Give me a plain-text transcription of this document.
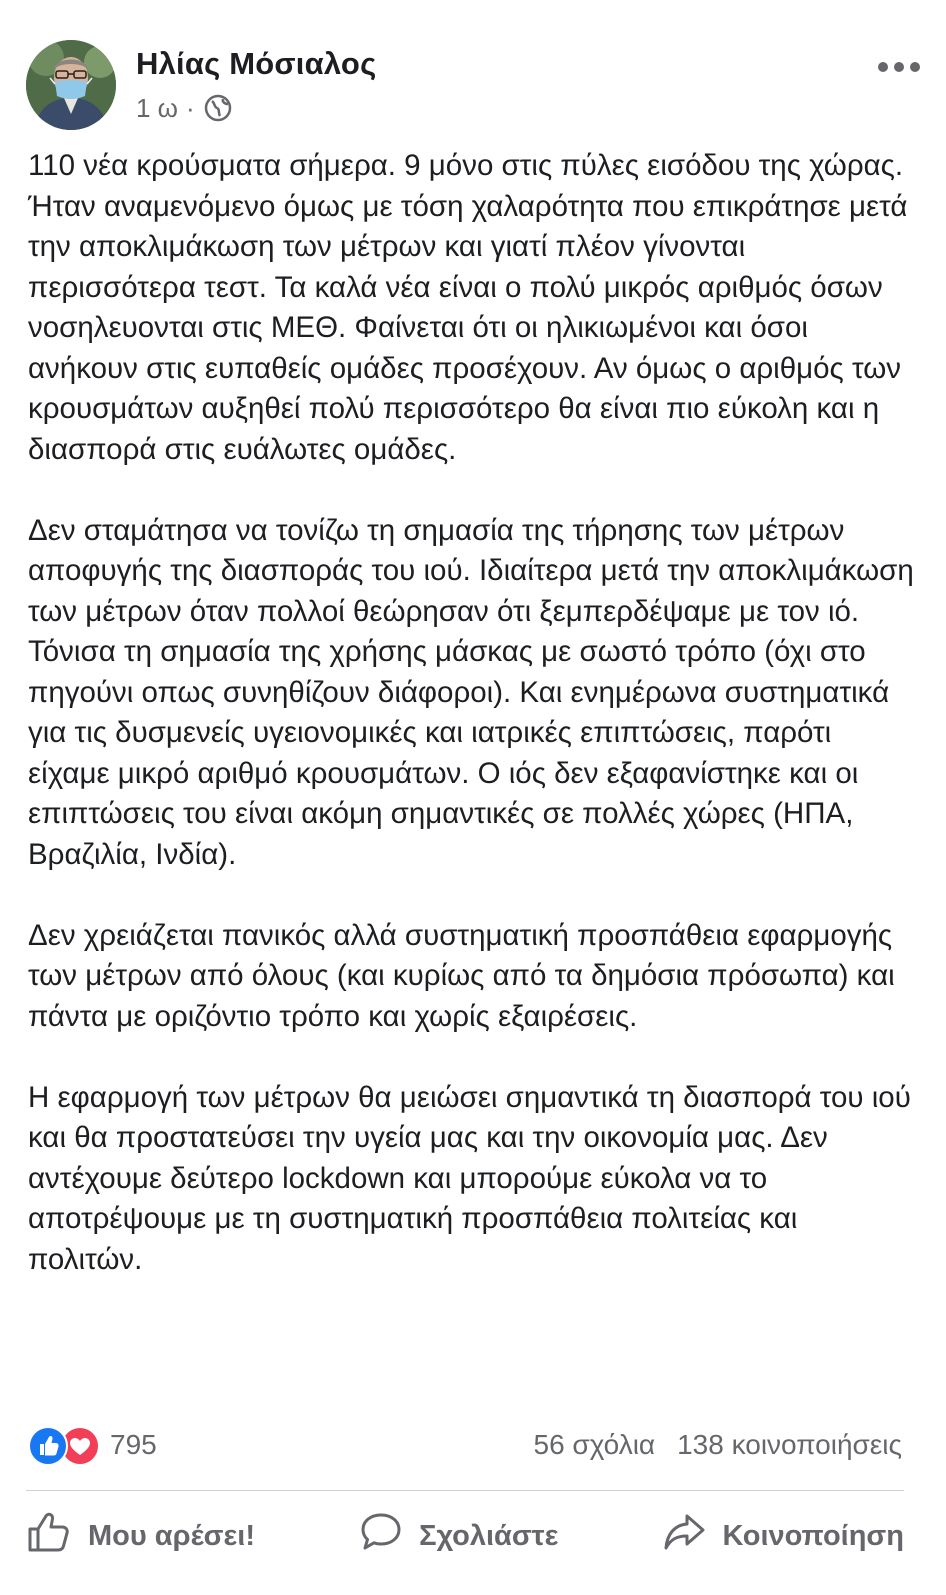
Ηλίας Μόσιαλος
1 ω ·

110 νέα κρούσματα σήμερα. 9 μόνο στις πύλες εισόδου της χώρας. Ήταν αναμενόμενο όμως με τόση χαλαρότητα που επικράτησε μετά την αποκλιμάκωση των μέτρων και γιατί πλέον γίνονται περισσότερα τεστ. Τα καλά νέα είναι ο πολύ μικρός αριθμός όσων νοσηλευονται στις ΜΕΘ. Φαίνεται ότι οι ηλικιωμένοι και όσοι ανήκουν στις ευπαθείς ομάδες προσέχουν. Αν όμως ο αριθμός των κρουσμάτων αυξηθεί πολύ περισσότερο θα είναι πιο εύκολη και η διασπορά στις ευάλωτες ομάδες.

Δεν σταμάτησα να τονίζω τη σημασία της τήρησης των μέτρων αποφυγής της διασποράς του ιού. Ιδιαίτερα μετά την αποκλιμάκωση των μέτρων όταν πολλοί θεώρησαν ότι ξεμπερδέψαμε με τον ιό. Τόνισα τη σημασία της χρήσης μάσκας με σωστό τρόπο (όχι στο πηγούνι οπως συνηθίζουν διάφοροι). Και ενημέρωνα συστηματικά για τις δυσμενείς υγειονομικές και ιατρικές επιπτώσεις, παρότι είχαμε μικρό αριθμό κρουσμάτων. Ο ιός δεν εξαφανίστηκε και οι επιπτώσεις του είναι ακόμη σημαντικές σε πολλές χώρες (ΗΠΑ, Βραζιλία, Ινδία).

Δεν χρειάζεται πανικός αλλά συστηματική προσπάθεια εφαρμογής των μέτρων από όλους (και κυρίως από τα δημόσια πρόσωπα) και πάντα με οριζόντιο τρόπο και χωρίς εξαιρέσεις.

Η εφαρμογή των μέτρων θα μειώσει σημαντικά τη διασπορά του ιού και θα προστατεύσει την υγεία μας και την οικονομία μας. Δεν αντέχουμε δεύτερο lockdown και μπορούμε εύκολα να το αποτρέψουμε με τη συστηματική προσπάθεια πολιτείας και πολιτών.

795	56 σχόλια 138 κοινοποιήσεις
Μου αρέσει!	Σχολιάστε	Κοινοποίηση
